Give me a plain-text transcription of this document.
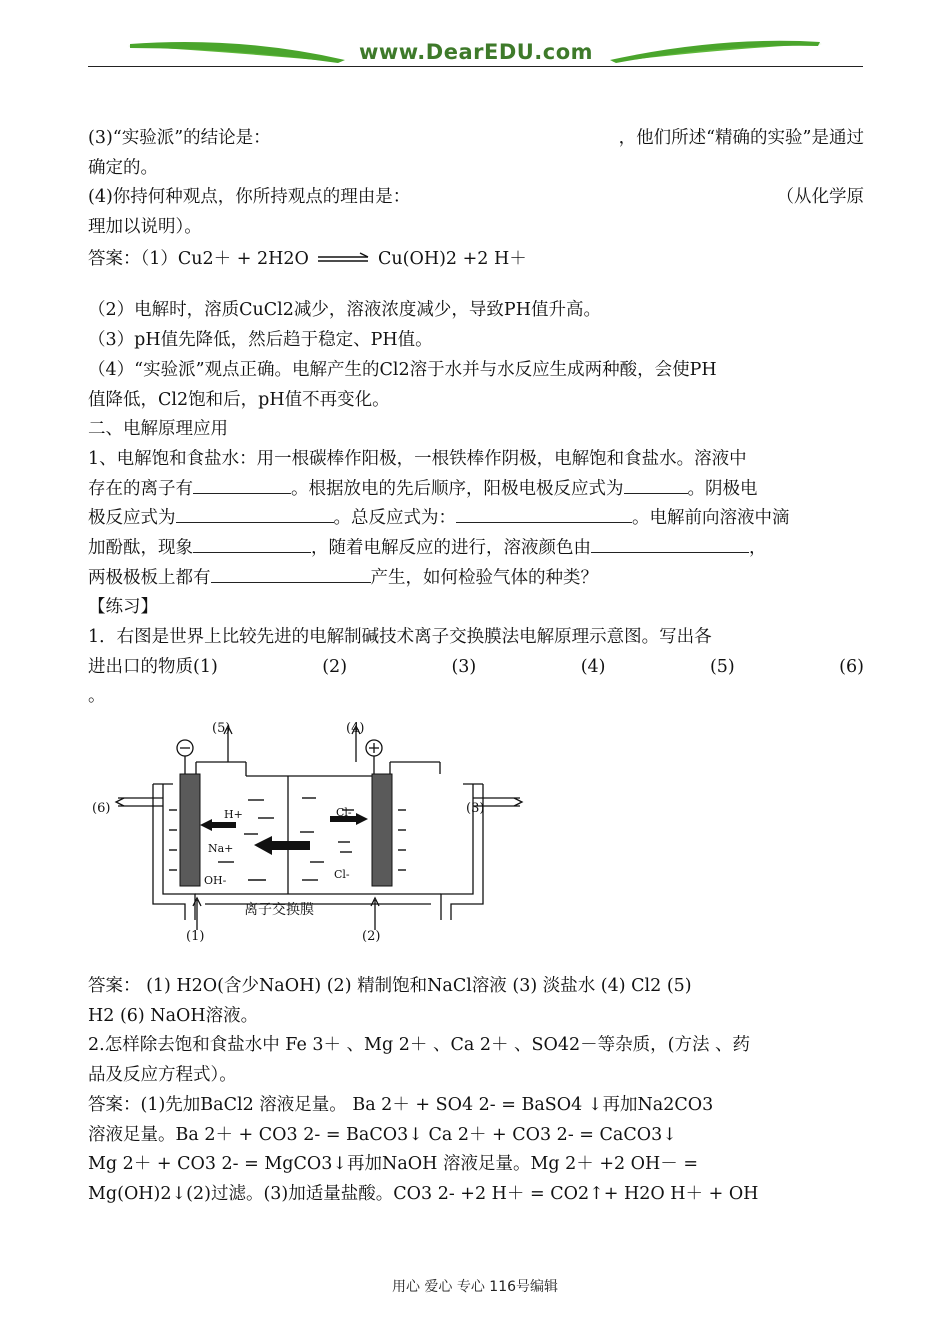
www.DearEDU.com
(3)“实验派”的结论是：	，他们所述“精确的实验”是通过
确定的。
(4)你持何种观点，你所持观点的理由是：	（从化学原
理加以说明）。
答案：（1）Cu2＋ + 2H2O	Cu(OH)2 +2 H＋
（2）电解时，溶质CuCl2减少，溶液浓度减少，导致PH值升高。
（3）pH值先降低，然后趋于稳定、PH值。
（4）“实验派”观点正确。电解产生的Cl2溶于水并与水反应生成两种酸，会使PH
值降低，Cl2饱和后，pH值不再变化。
二、电解原理应用
1、电解饱和食盐水：用一根碳棒作阳极，一根铁棒作阴极，电解饱和食盐水。溶液中
存在的离子有	。根据放电的先后顺序，阳极电极反应式为	。阴极电
极反应式为	。总反应式为：	。电解前向溶液中滴
加酚酞，现象	，随着电解反应的进行，溶液颜色由	，
两极极板上都有	产生，如何检验气体的种类？
【练习】
1．右图是世界上比较先进的电解制碱技术离子交换膜法电解原理示意图。写出各
进出口的物质(1)	(2)	(3)	(4)	(5)	(6)
。
(5)	(4)
(6)	(3)
(1)	(2)
H+
Na+
OH-
Cl-
Cl-
离子交换膜
答案： (1) H2O(含少NaOH) (2) 精制饱和NaCl溶液 (3) 淡盐水 (4) Cl2 (5)
H2 (6) NaOH溶液。
2.怎样除去饱和食盐水中 Fe 3＋ 、Mg 2＋ 、Ca 2＋ 、SO42－等杂质，(方法 、药
品及反应方程式）。
答案：(1)先加BaCl2 溶液足量。 Ba 2＋ + SO4 2- = BaSO4 ↓再加Na2CO3
溶液足量。Ba 2＋ + CO3 2- = BaCO3↓ Ca 2＋ + CO3 2- = CaCO3↓
Mg 2＋ + CO3 2- = MgCO3↓再加NaOH 溶液足量。Mg 2＋ +2 OH－ =
Mg(OH)2↓(2)过滤。(3)加适量盐酸。CO3 2- +2 H＋ = CO2↑+ H2O H＋ + OH
用心 爱心 专心 116号编辑
